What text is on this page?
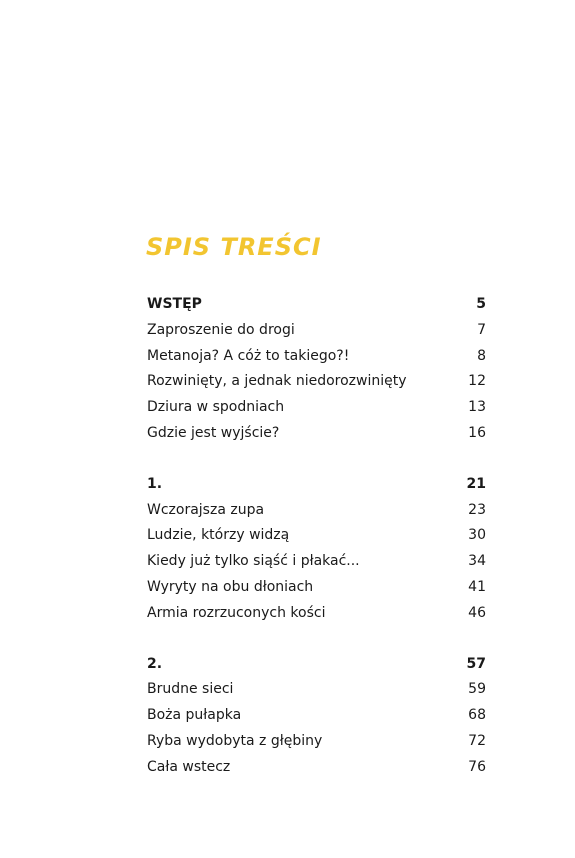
SPIS TREŚCI
WSTĘP	5
Zaproszenie do drogi	7
Metanoja? A cóż to takiego?!	8
Rozwinięty, a jednak niedorozwinięty	12
Dziura w spodniach	13
Gdzie jest wyjście?	16
1.	21
Wczorajsza zupa	23
Ludzie, którzy widzą	30
Kiedy już tylko siąść i płakać...	34
Wyryty na obu dłoniach	41
Armia rozrzuconych kości	46
2.	57
Brudne sieci	59
Boża pułapka	68
Ryba wydobyta z głębiny	72
Cała wstecz	76
